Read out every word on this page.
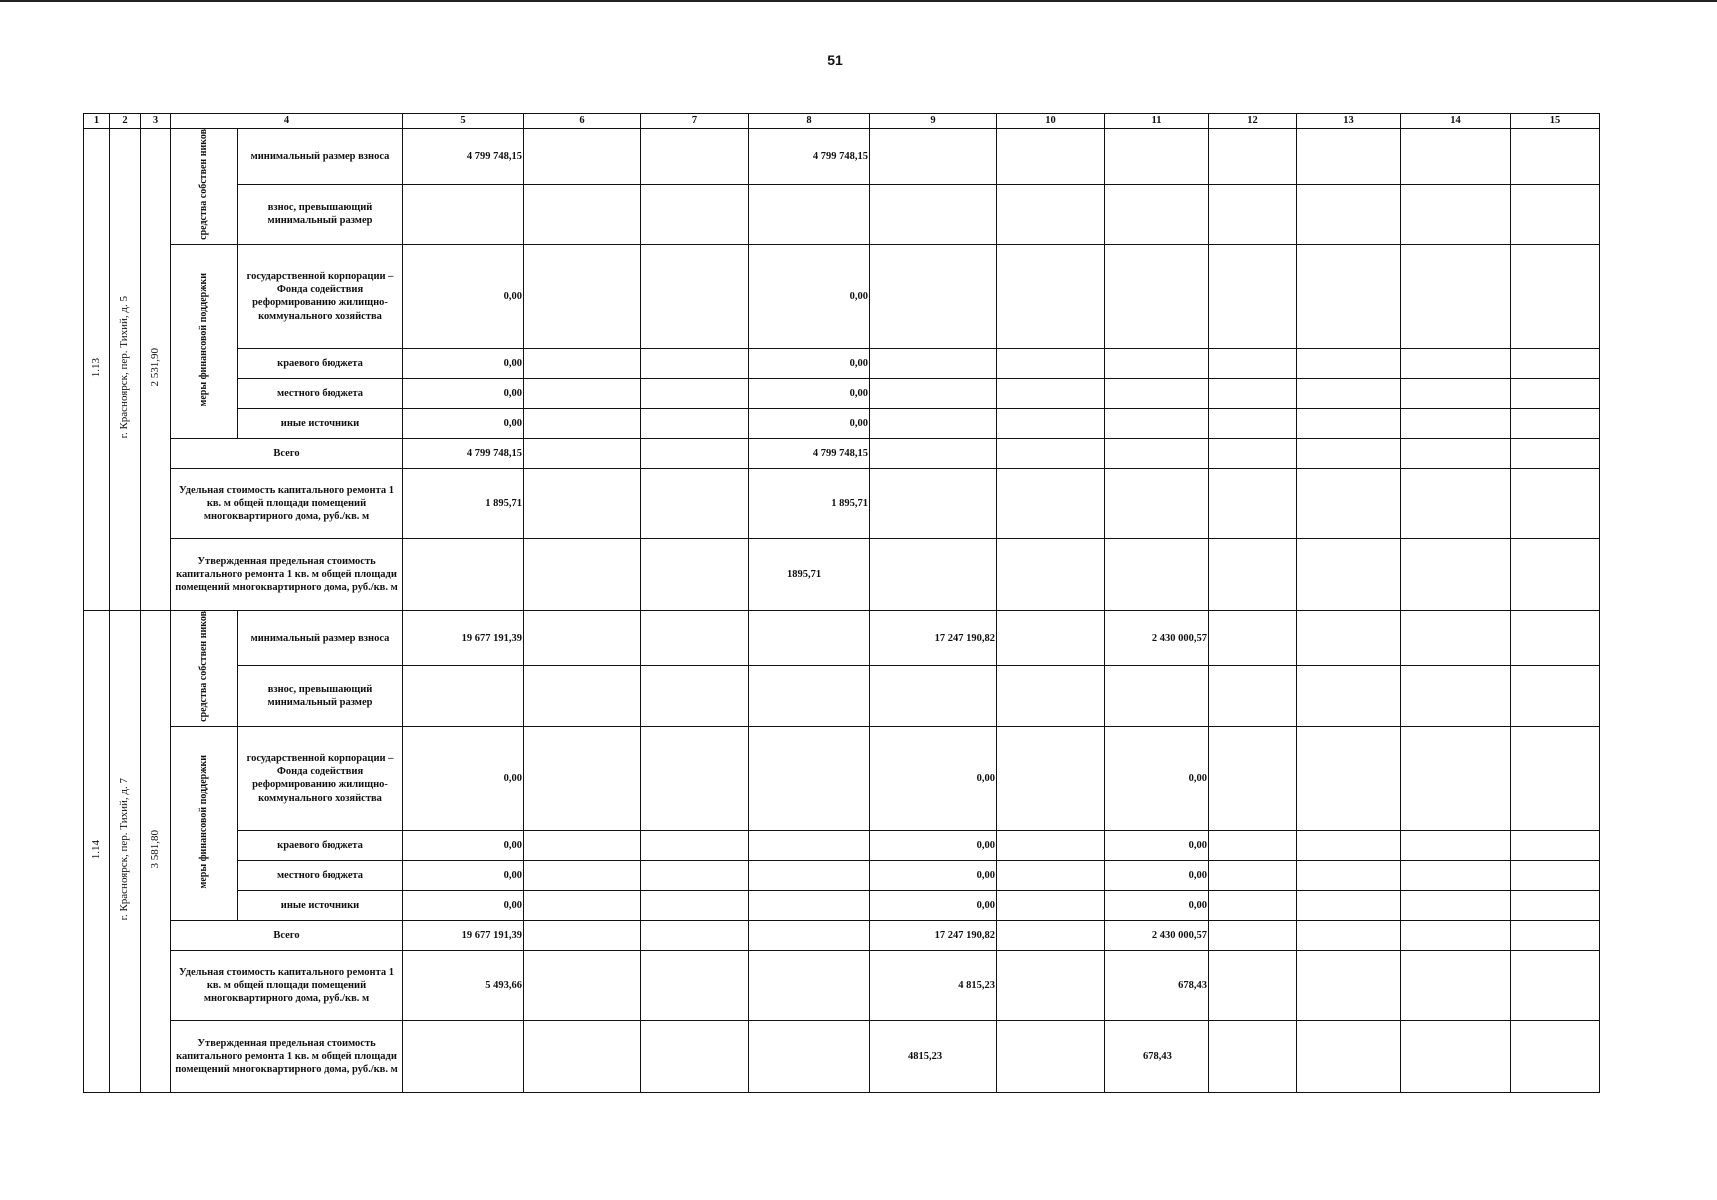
51
1	2	3	4		5	6	7	8	9	10	11	12	13	14	15
1.13	г. Красноярск, пер. Тихий, д. 5	2 531,90	средства собствен ников	минимальный размер взноса	4 799 748,15			4 799 748,15							
				взнос, превышающий минимальный размер											
			меры финансовой поддержки	государственной корпорации – Фонда содействия реформированию жилищно-коммунального хозяйства	0,00			0,00							
				краевого бюджета	0,00			0,00							
				местного бюджета	0,00			0,00							
				иные источники	0,00			0,00							
			Всего		4 799 748,15			4 799 748,15							
			Удельная стоимость капитального ремонта 1 кв. м общей площади помещений многоквартирного дома, руб./кв. м		1 895,71			1 895,71							
			Утвержденная предельная стоимость капитального ремонта 1 кв. м общей площади помещений многоквартирного дома, руб./кв. м					1895,71							
1.14	г. Красноярск, пер. Тихий, д. 7	3 581,80	средства собствен ников	минимальный размер взноса	19 677 191,39				17 247 190,82		2 430 000,57				
				взнос, превышающий минимальный размер											
			меры финансовой поддержки	государственной корпорации – Фонда содействия реформированию жилищно-коммунального хозяйства	0,00				0,00		0,00				
				краевого бюджета	0,00				0,00		0,00				
				местного бюджета	0,00				0,00		0,00				
				иные источники	0,00				0,00		0,00				
			Всего		19 677 191,39				17 247 190,82		2 430 000,57				
			Удельная стоимость капитального ремонта 1 кв. м общей площади помещений многоквартирного дома, руб./кв. м		5 493,66				4 815,23		678,43				
			Утвержденная предельная стоимость капитального ремонта 1 кв. м общей площади помещений многоквартирного дома, руб./кв. м						4815,23		678,43				
